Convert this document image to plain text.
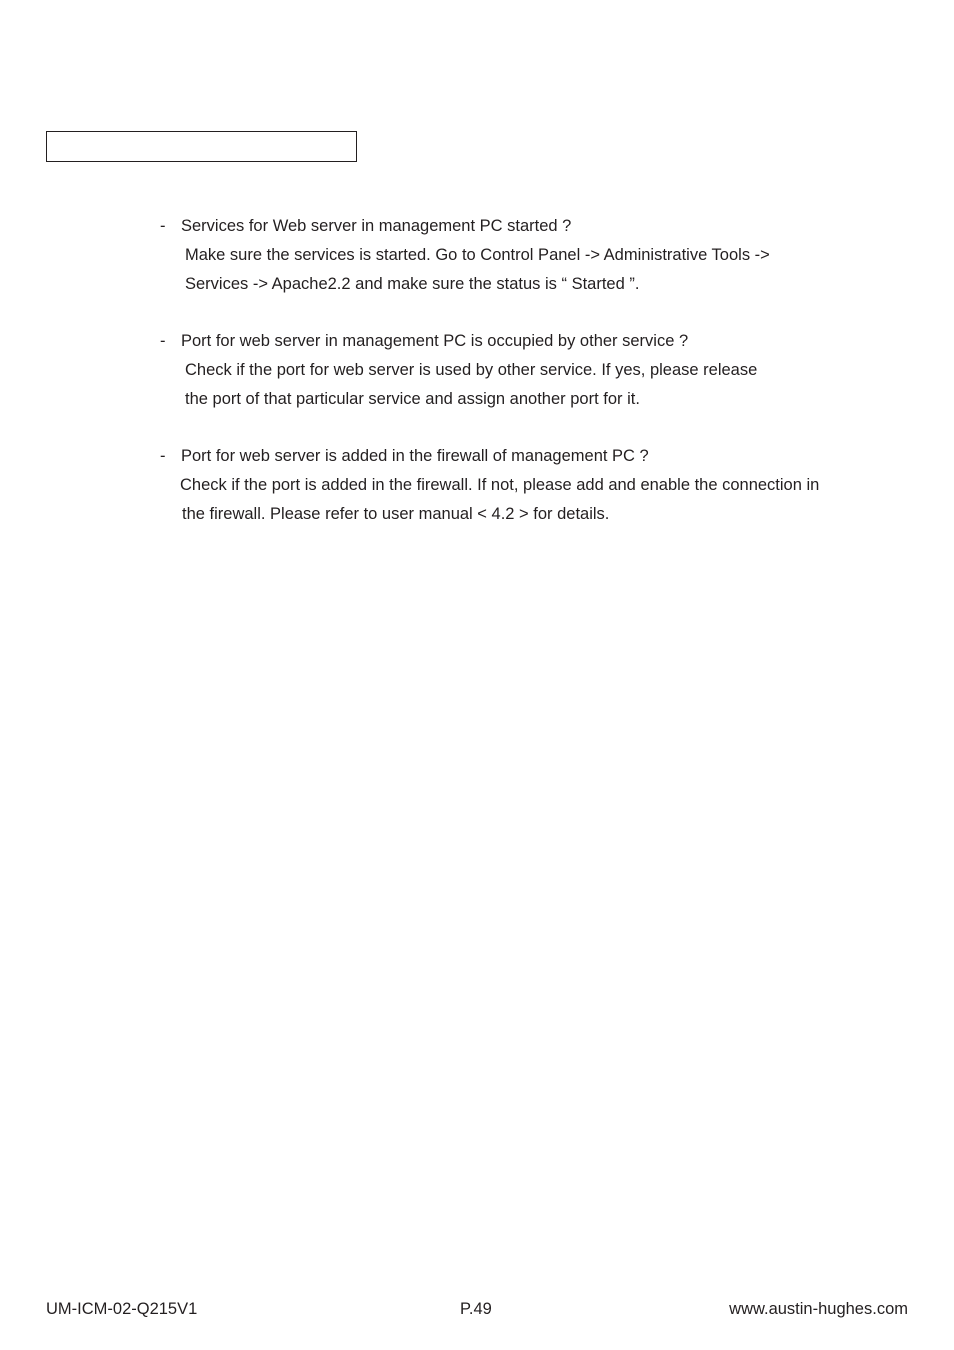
- Services for Web server in management PC started ?
Make sure the services is started. Go to Control Panel -> Administrative Tools ->
Services -> Apache2.2 and make sure the status is “ Started ”.
- Port for web server in management PC is occupied by other service ?
Check if the port for web server is used by other service. If yes, please release
the port of that particular service and assign another port for it.
- Port for web server is added in the firewall of management PC ?
Check if the port is added in the firewall. If not, please add and enable the connection in
the firewall. Please refer to user manual < 4.2 > for details.
UM-ICM-02-Q215V1	P.49	www.austin-hughes.com
